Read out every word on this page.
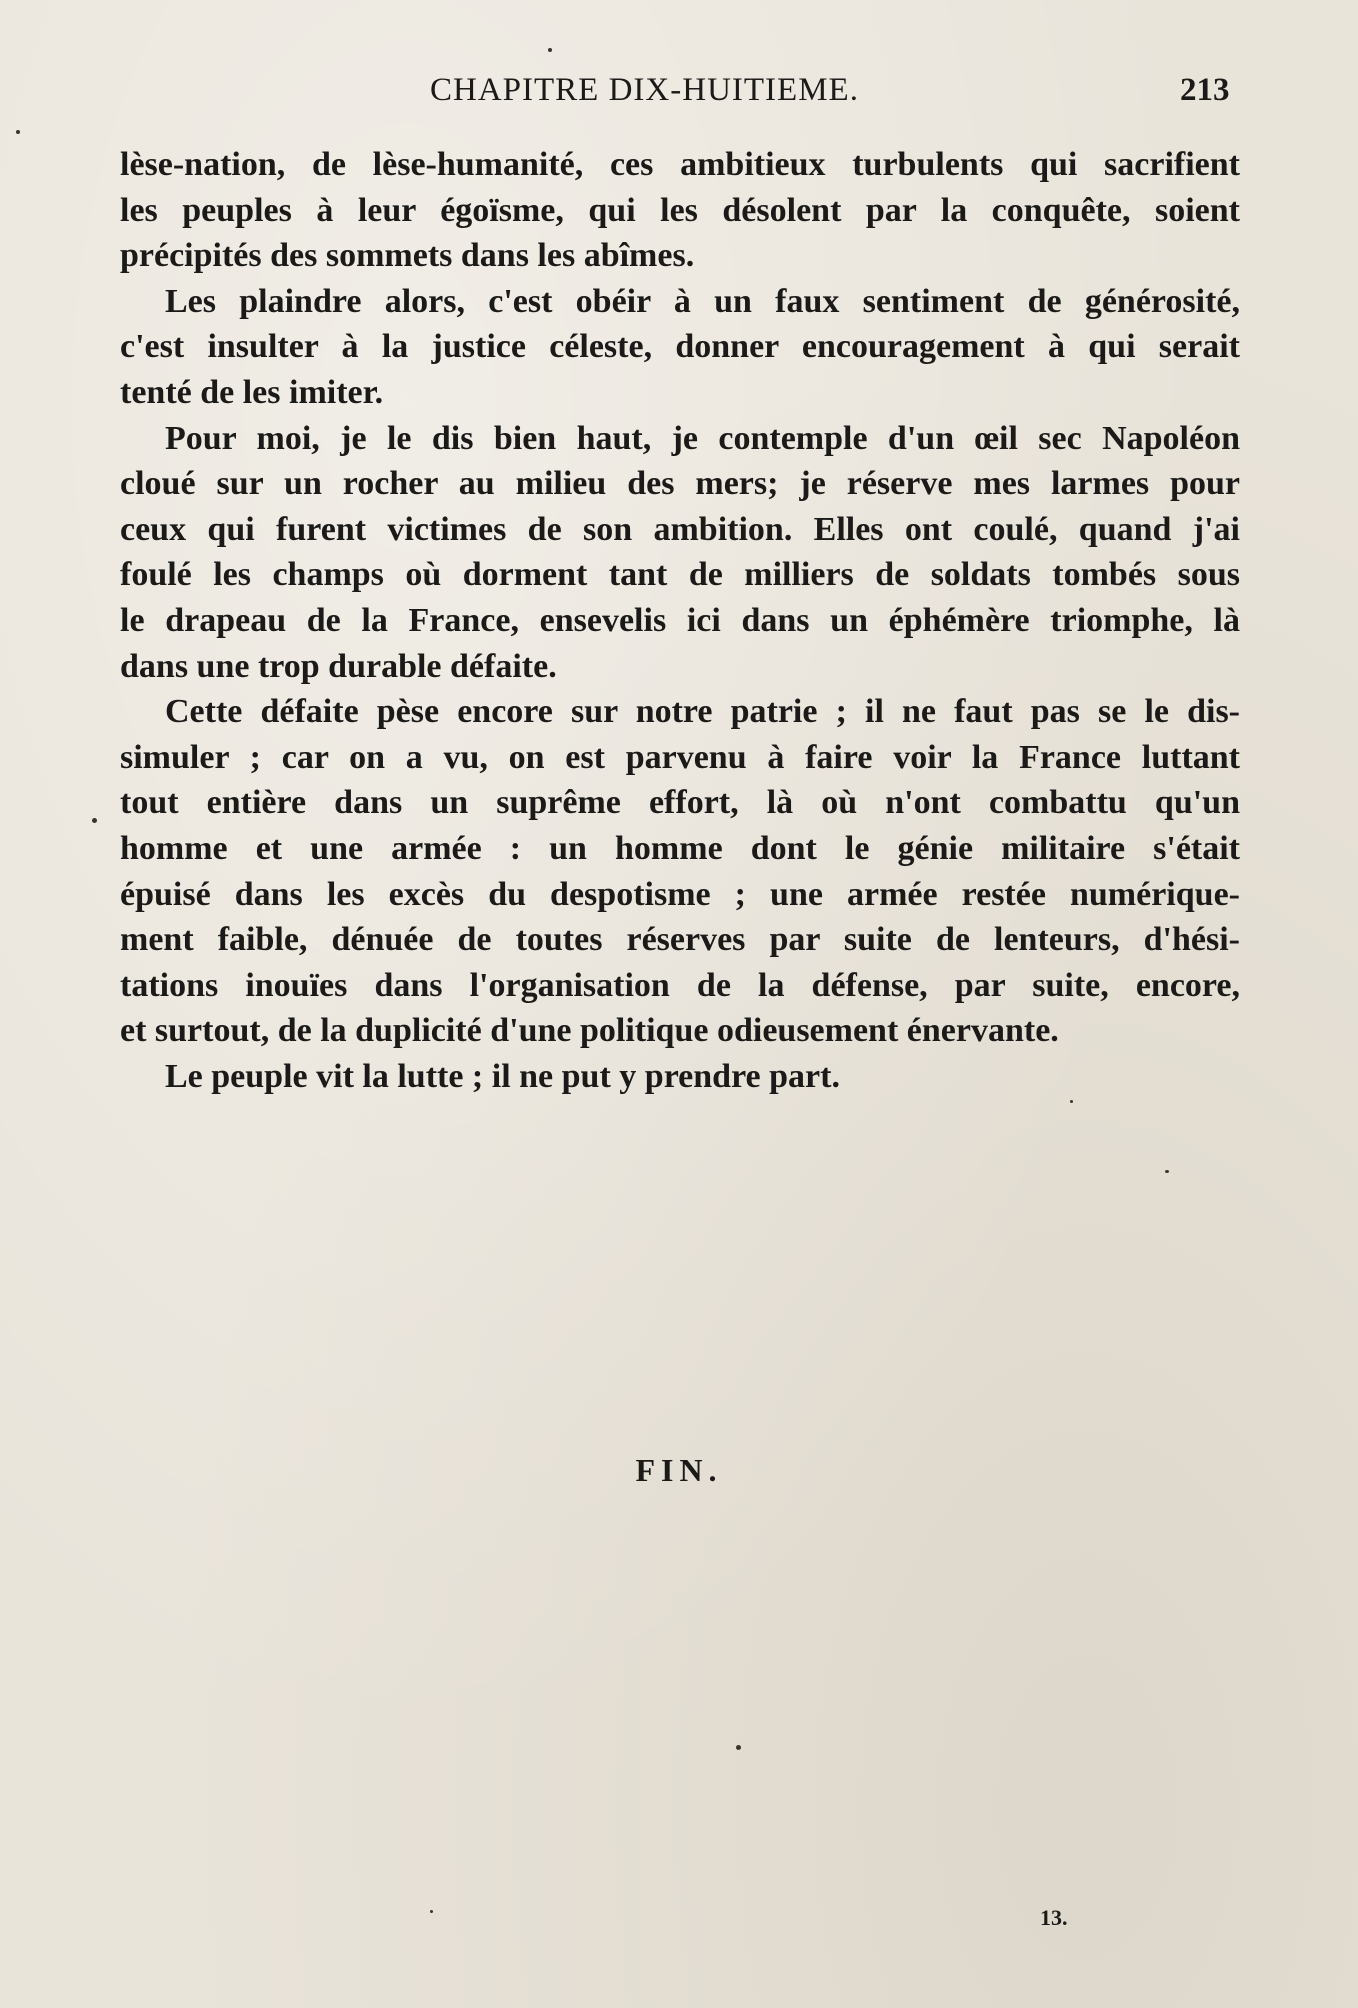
CHAPITRE DIX-HUITIEME.	213
lèse-nation, de lèse-humanité, ces ambitieux turbulents qui sacrifient
les peuples à leur égoïsme, qui les désolent par la conquête, soient
précipités des sommets dans les abîmes.
Les plaindre alors, c'est obéir à un faux sentiment de générosité,
c'est insulter à la justice céleste, donner encouragement à qui serait
tenté de les imiter.
Pour moi, je le dis bien haut, je contemple d'un œil sec Napoléon
cloué sur un rocher au milieu des mers; je réserve mes larmes pour
ceux qui furent victimes de son ambition. Elles ont coulé, quand j'ai
foulé les champs où dorment tant de milliers de soldats tombés sous
le drapeau de la France, ensevelis ici dans un éphémère triomphe, là
dans une trop durable défaite.
Cette défaite pèse encore sur notre patrie ; il ne faut pas se le dis-
simuler ; car on a vu, on est parvenu à faire voir la France luttant
tout entière dans un suprême effort, là où n'ont combattu qu'un
homme et une armée : un homme dont le génie militaire s'était
épuisé dans les excès du despotisme ; une armée restée numérique-
ment faible, dénuée de toutes réserves par suite de lenteurs, d'hési-
tations inouïes dans l'organisation de la défense, par suite, encore,
et surtout, de la duplicité d'une politique odieusement énervante.
Le peuple vit la lutte ; il ne put y prendre part.
FIN.
13.
